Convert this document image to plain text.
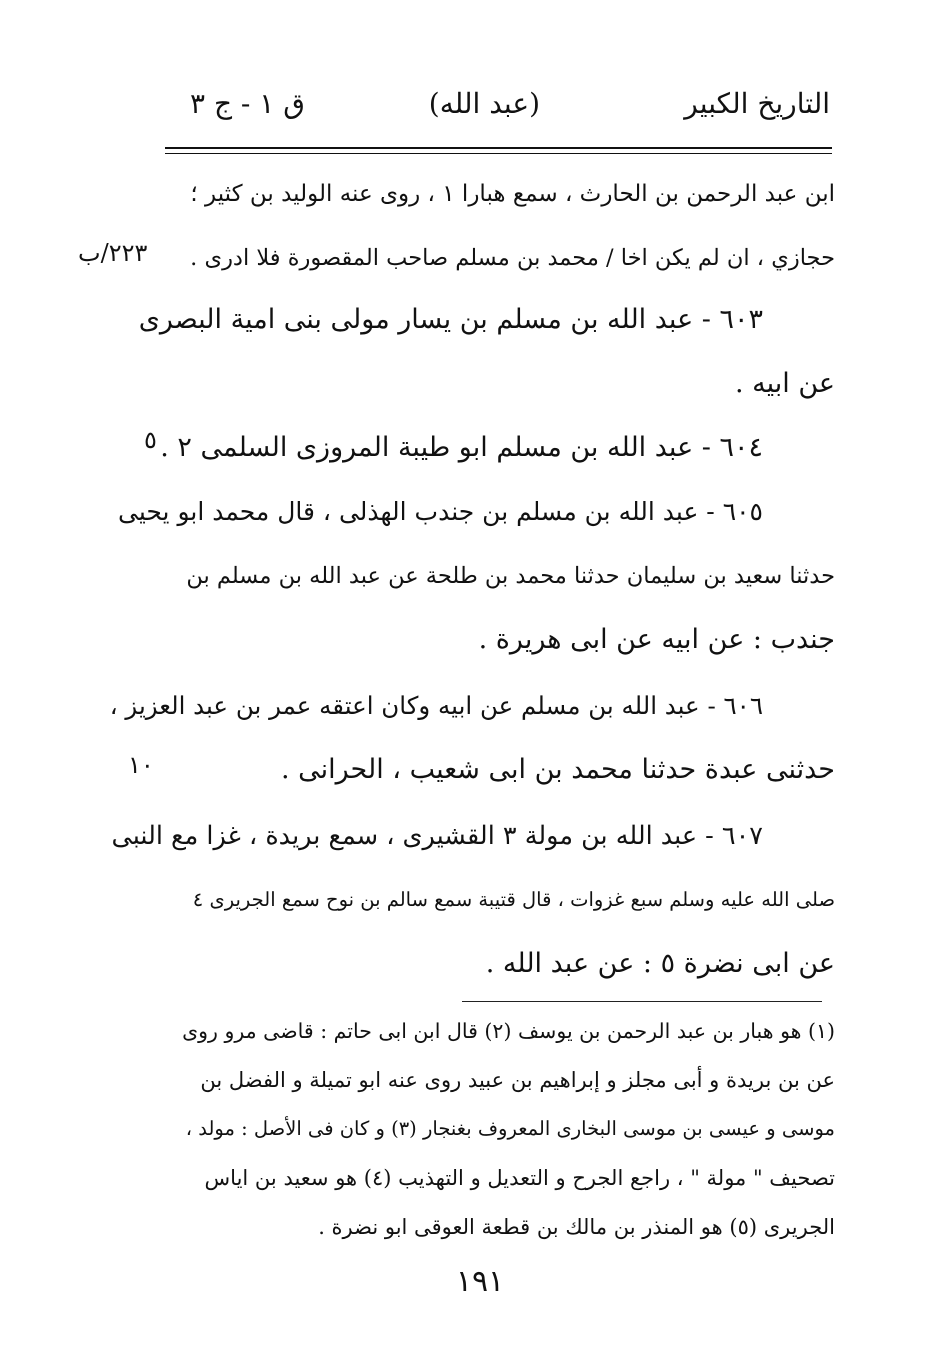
التاريخ الكبير
(عبد الله)
ق ١ - ج ٣
٢٢٣/ب
٥
١٠
ابن عبد الرحمن بن الحارث ، سمع هبارا ١ ، روى عنه الوليد بن كثير ؛
حجازي ، ان لم يكن اخا / محمد بن مسلم صاحب المقصورة فلا ادرى .
٦٠٣ - عبد الله بن مسلم بن يسار مولى بنى امية البصرى
عن ابيه .
٦٠٤ - عبد الله بن مسلم ابو طيبة المروزى السلمى ٢ .
٦٠٥ - عبد الله بن مسلم بن جندب الهذلى ، قال محمد ابو يحيى
حدثنا سعيد بن سليمان حدثنا محمد بن طلحة عن عبد الله بن مسلم بن
جندب : عن ابيه عن ابى هريرة .
٦٠٦ - عبد الله بن مسلم عن ابيه وكان اعتقه عمر بن عبد العزيز ،
حدثنى عبدة حدثنا محمد بن ابى شعيب ، الحرانى .
٦٠٧ - عبد الله بن مولة ٣ القشيرى ، سمع بريدة ، غزا مع النبى
صلى الله عليه وسلم سبع غزوات ، قال قتيبة سمع سالم بن نوح سمع الجريرى ٤
عن ابى نضرة ٥ : عن عبد الله .
(١) هو هبار بن عبد الرحمن بن يوسف (٢) قال ابن ابى حاتم : قاضى مرو روى
عن بن بريدة و أبى مجلز و إبراهيم بن عبيد روى عنه ابو تميلة و الفضل بن
موسى و عيسى بن موسى البخارى المعروف بغنجار (٣) و كان فى الأصل : مولد ،
تصحيف " مولة " ، راجع الجرح و التعديل و التهذيب (٤) هو سعيد بن اياس
الجريرى (٥) هو المنذر بن مالك بن قطعة العوقى ابو نضرة .
١٩١
